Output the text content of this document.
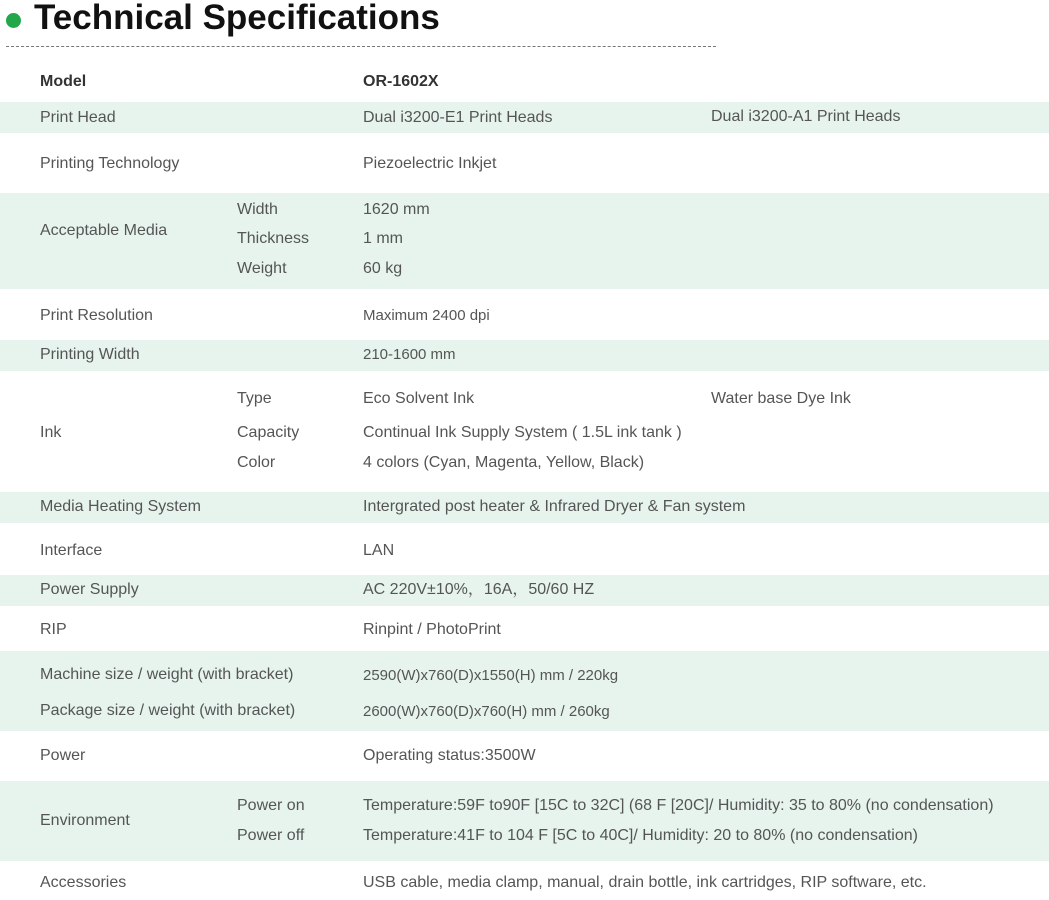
Technical Specifications
Model	OR-1602X
Print Head	Dual i3200-E1 Print Heads	Dual i3200-A1 Print Heads
Printing Technology	Piezoelectric Inkjet
Acceptable Media
Width	1620 mm
Thickness	1 mm
Weight	60 kg
Print Resolution	Maximum 2400 dpi
Printing Width	210-1600 mm
Ink
Type	Eco Solvent Ink	Water base Dye Ink
Capacity	Continual Ink Supply System ( 1.5L ink tank )
Color	4 colors (Cyan, Magenta, Yellow, Black)
Media Heating System	Intergrated post heater & Infrared Dryer & Fan system
Interface	LAN
Power Supply	AC 220V±10%，16A，50/60 HZ
RIP	Rinpint / PhotoPrint
Machine size / weight (with bracket)	2590(W)x760(D)x1550(H) mm / 220kg
Package size / weight (with bracket)	2600(W)x760(D)x760(H) mm / 260kg
Power	Operating status:3500W
Environment
Power on	Temperature:59F to90F [15C to 32C] (68 F [20C]/ Humidity: 35 to 80% (no condensation)
Power off	Temperature:41F to 104 F [5C to 40C]/ Humidity: 20 to 80% (no condensation)
Accessories	USB cable, media clamp, manual, drain bottle, ink cartridges, RIP software, etc.
